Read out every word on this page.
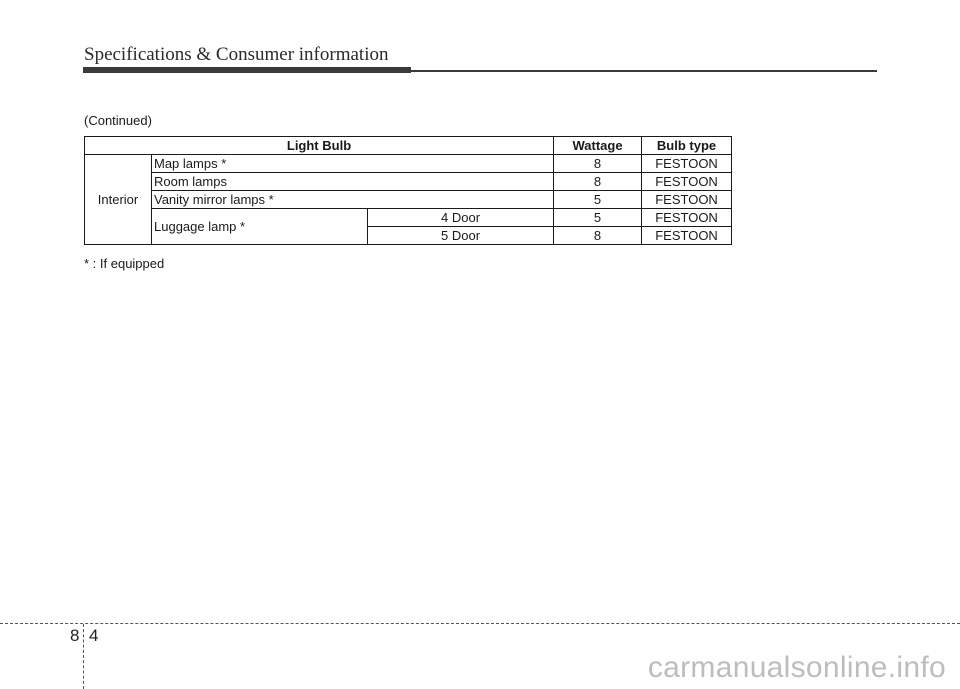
Specifications & Consumer information
(Continued)
Light Bulb			Wattage	Bulb type
Interior	Map lamps *		8	FESTOON
	Room lamps		8	FESTOON
	Vanity mirror lamps *		5	FESTOON
	Luggage lamp *	4 Door	5	FESTOON
		5 Door	8	FESTOON
* : If equipped
8 4
carmanualsonline.info
